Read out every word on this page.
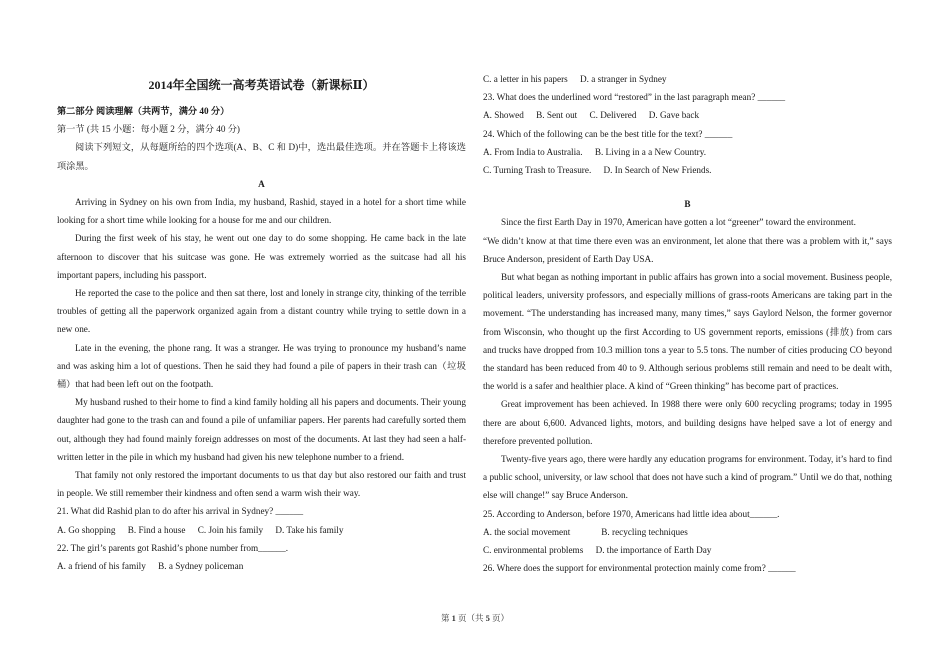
2014年全国统一高考英语试卷（新课标Ⅱ）

第二部分 阅读理解（共两节，满分 40 分）

第一节 (共 15 小题：每小题 2 分，满分 40 分)

阅读下列短文，从每题所给的四个选项(A、B、C 和 D)中，选出最佳选项。并在答题卡上将该选项涂黑。

A

Arriving in Sydney on his own from India, my husband, Rashid, stayed in a hotel for a short time while looking for a short time while looking for a house for me and our children.

During the first week of his stay, he went out one day to do some shopping. He came back in the late afternoon to discover that his suitcase was gone. He was extremely worried as the suitcase had all his important papers, including his passport.

He reported the case to the police and then sat there, lost and lonely in strange city, thinking of the terrible troubles of getting all the paperwork organized again from a distant country while trying to settle down in a new one.

Late in the evening, the phone rang. It was a stranger. He was trying to pronounce my husband’s name and was asking him a lot of questions. Then he said they had found a pile of papers in their trash can（垃圾桶）that had been left out on the footpath.

My husband rushed to their home to find a kind family holding all his papers and documents. Their young daughter had gone to the trash can and found a pile of unfamiliar papers. Her parents had carefully sorted them out, although they had found mainly foreign addresses on most of the documents. At last they had seen a half-written letter in the pile in which my husband had given his new telephone number to a friend.

That family not only restored the important documents to us that day but also restored our faith and trust in people. We still remember their kindness and often send a warm wish their way.

21. What did Rashid plan to do after his arrival in Sydney? ______

A. Go shopping B. Find a house C. Join his family D. Take his family

22. The girl’s parents got Rashid’s phone number from______.

A. a friend of his family B. a Sydney policeman

C. a letter in his papers D. a stranger in Sydney

23. What does the underlined word “restored” in the last paragraph mean? ______

A. Showed B. Sent out C. Delivered D. Gave back

24. Which of the following can be the best title for the text? ______

A. From India to Australia. B. Living in a a New Country.

C. Turning Trash to Treasure. D. In Search of New Friends.

B

Since the first Earth Day in 1970, American have gotten a lot “greener” toward the environment.

“We didn’t know at that time there even was an environment, let alone that there was a problem with it,” says Bruce Anderson, president of Earth Day USA.

But what began as nothing important in public affairs has grown into a social movement. Business people, political leaders, university professors, and especially millions of grass-roots Americans are taking part in the movement. “The understanding has increased many, many times,” says Gaylord Nelson, the former governor from Wisconsin, who thought up the first According to US government reports, emissions (排放) from cars and trucks have dropped from 10.3 million tons a year to 5.5 tons. The number of cities producing CO beyond the standard has been reduced from 40 to 9. Although serious problems still remain and need to be dealt with, the world is a safer and healthier place. A kind of “Green thinking” has become part of practices.

Great improvement has been achieved. In 1988 there were only 600 recycling programs; today in 1995 there are about 6,600. Advanced lights, motors, and building designs have helped save a lot of energy and therefore prevented pollution.

Twenty-five years ago, there were hardly any education programs for environment. Today, it’s hard to find a public school, university, or law school that does not have such a kind of program.” Until we do that, nothing else will change!” say Bruce Anderson.

25. According to Anderson, before 1970, Americans had little idea about______.

A. the social movement	B. recycling techniques

C. environmental problems D. the importance of Earth Day

26. Where does the support for environmental protection mainly come from? ______

第 1 页（共 5 页）
